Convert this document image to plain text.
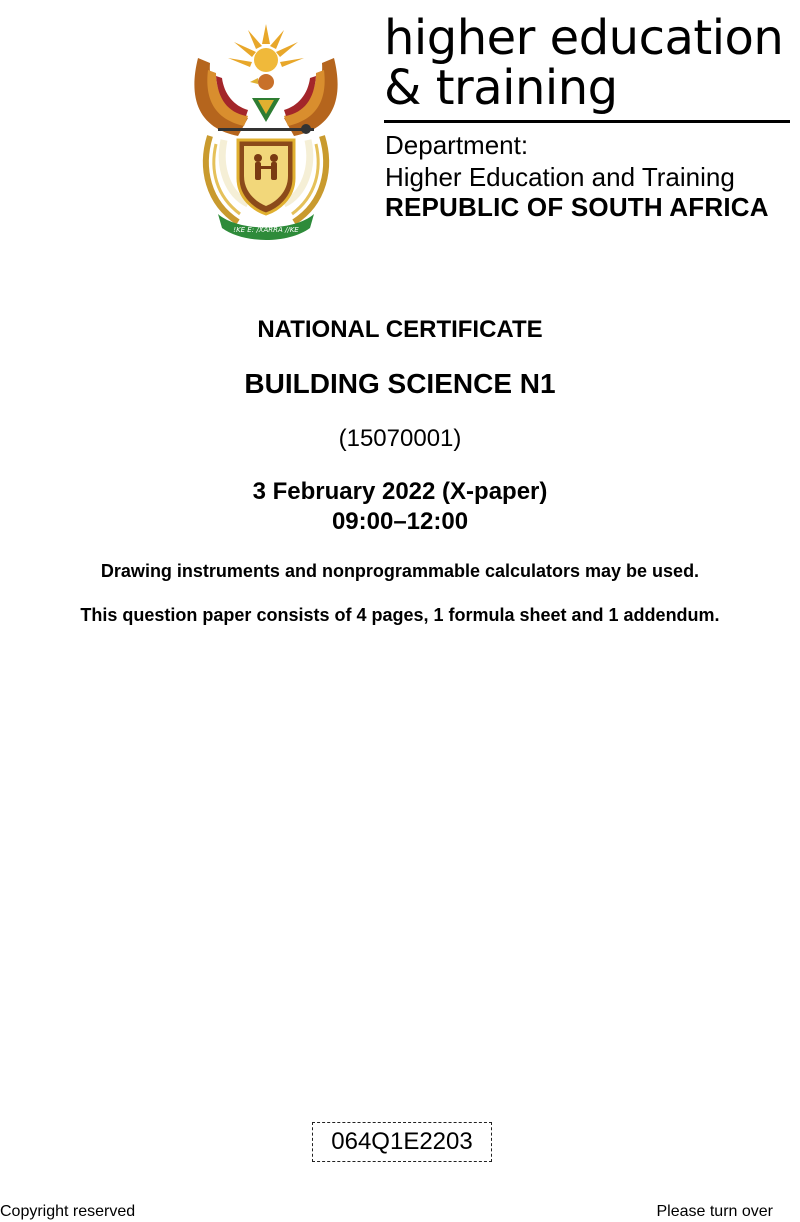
!KE E: /XARRA //KE
higher education
& training
Department:
Higher Education and Training
REPUBLIC OF SOUTH AFRICA
NATIONAL CERTIFICATE
BUILDING SCIENCE N1
(15070001)
3 February 2022 (X-paper)
09:00–12:00
Drawing instruments and nonprogrammable calculators may be used.
This question paper consists of 4 pages, 1 formula sheet and 1 addendum.
064Q1E2203
Copyright reserved	Please turn over
